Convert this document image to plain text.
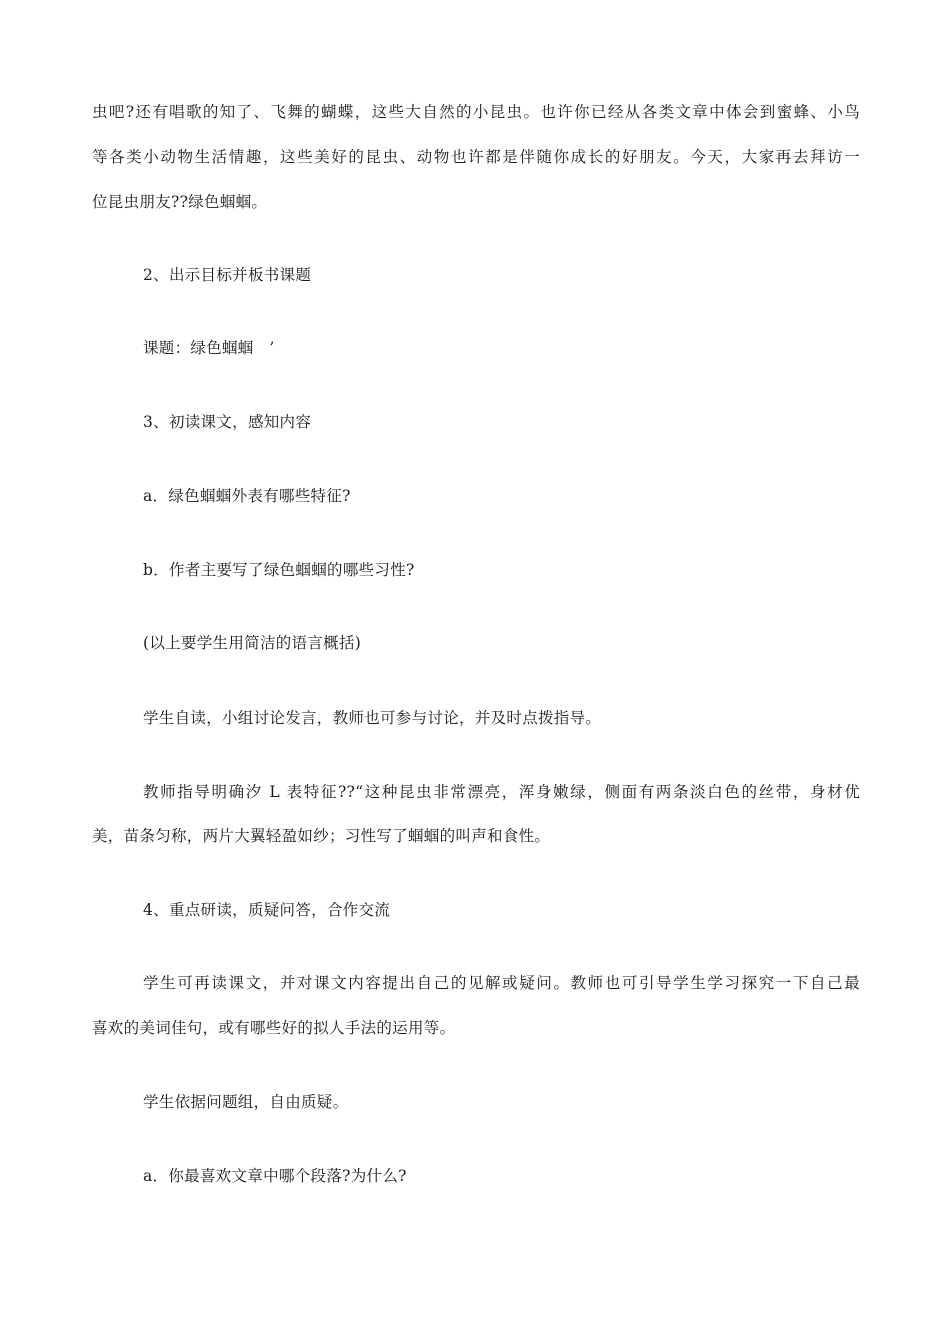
虫吧?还有唱歌的知了、飞舞的蝴蝶，这些大自然的小昆虫。也许你已经从各类文章中体会到蜜蜂、小鸟
等各类小动物生活情趣，这些美好的昆虫、动物也许都是伴随你成长的好朋友。今天，大家再去拜访一
位昆虫朋友??绿色蝈蝈。
2、出示目标并板书课题
课题：绿色蝈蝈　’
3、初读课文，感知内容
a．绿色蝈蝈外表有哪些特征?
b．作者主要写了绿色蝈蝈的哪些习性?
(以上要学生用简洁的语言概括)
学生自读，小组讨论发言，教师也可参与讨论，并及时点拨指导。
教师指导明确汐 L 表特征??“这种昆虫非常漂亮，浑身嫩绿，侧面有两条淡白色的丝带，身材优
美，苗条匀称，两片大翼轻盈如纱；习性写了蝈蝈的叫声和食性。
4、重点研读，质疑问答，合作交流
学生可再读课文，并对课文内容提出自己的见解或疑问。教师也可引导学生学习探究一下自己最
喜欢的美词佳句，或有哪些好的拟人手法的运用等。
学生依据问题组，自由质疑。
a．你最喜欢文章中哪个段落?为什么?
